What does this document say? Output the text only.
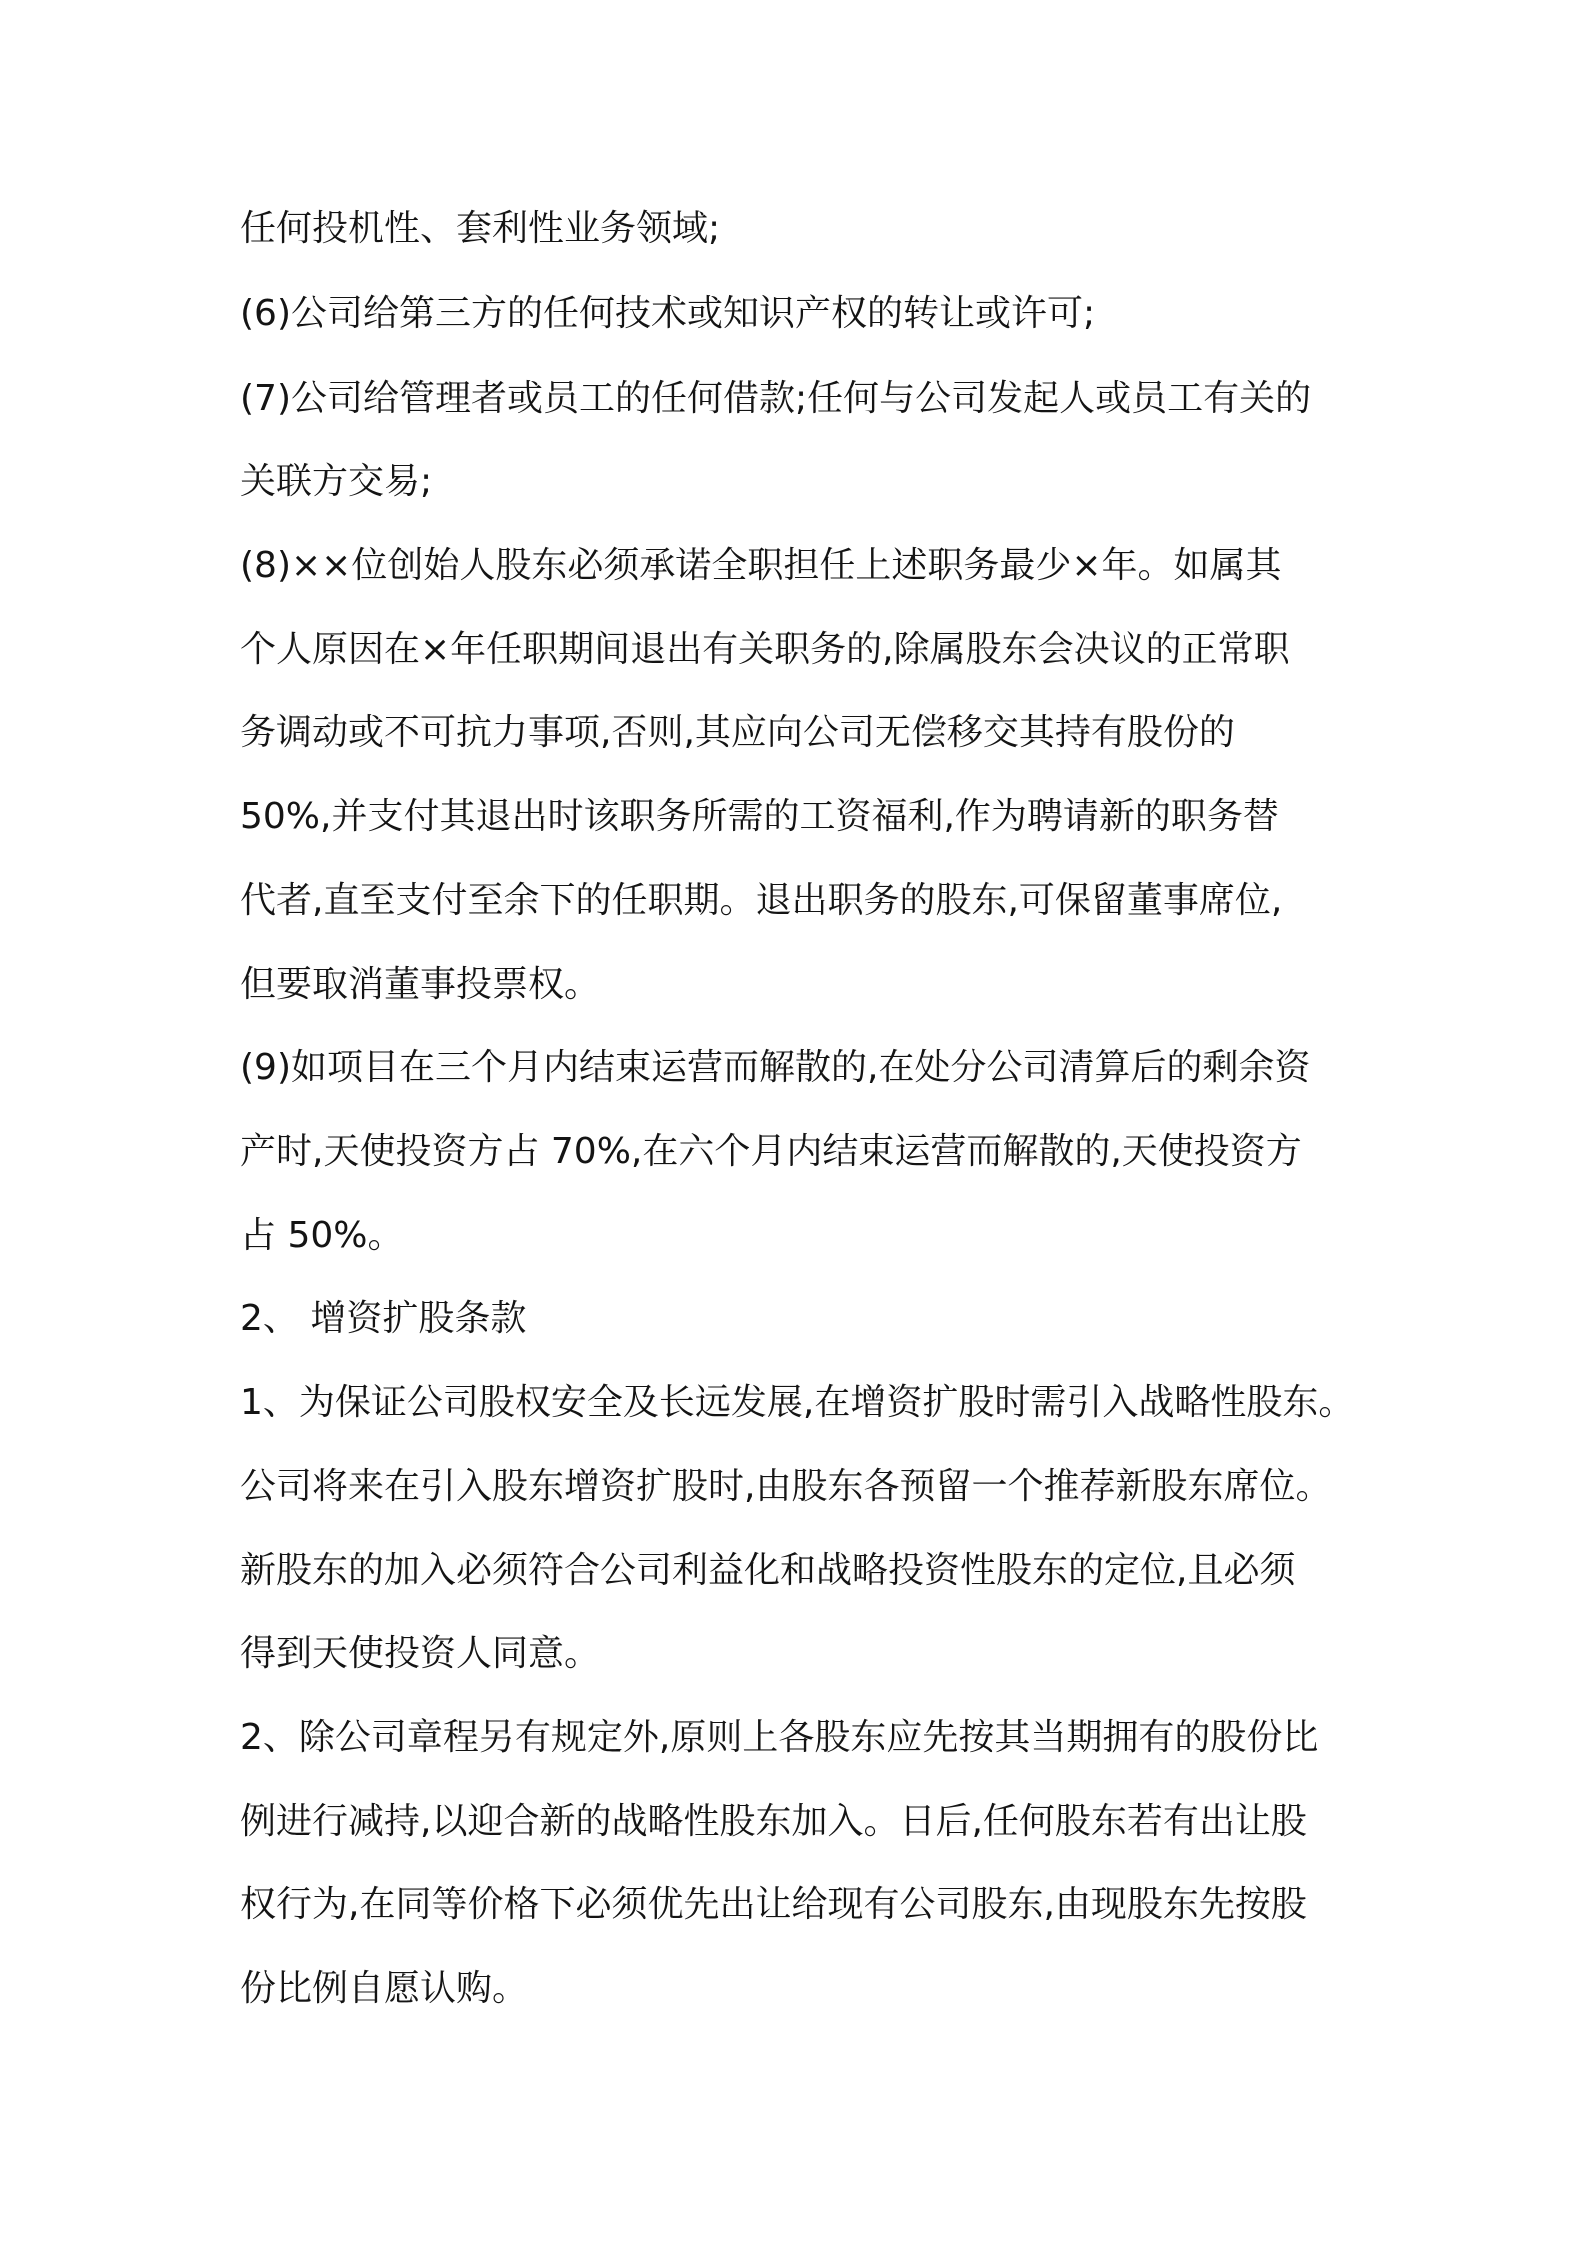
任何投机性、套利性业务领域;

(6)公司给第三方的任何技术或知识产权的转让或许可;

(7)公司给管理者或员工的任何借款;任何与公司发起人或员工有关的

关联方交易;

(8)××位创始人股东必须承诺全职担任上述职务最少×年。如属其

个人原因在×年任职期间退出有关职务的,除属股东会决议的正常职

务调动或不可抗力事项,否则,其应向公司无偿移交其持有股份的

50%,并支付其退出时该职务所需的工资福利,作为聘请新的职务替

代者,直至支付至余下的任职期。退出职务的股东,可保留董事席位,

但要取消董事投票权。

(9)如项目在三个月内结束运营而解散的,在处分公司清算后的剩余资

产时,天使投资方占 70%,在六个月内结束运营而解散的,天使投资方

占 50%。

2、 增资扩股条款

1、为保证公司股权安全及长远发展,在增资扩股时需引入战略性股东。

公司将来在引入股东增资扩股时,由股东各预留一个推荐新股东席位。

新股东的加入必须符合公司利益化和战略投资性股东的定位,且必须

得到天使投资人同意。

2、除公司章程另有规定外,原则上各股东应先按其当期拥有的股份比

例进行减持,以迎合新的战略性股东加入。日后,任何股东若有出让股

权行为,在同等价格下必须优先出让给现有公司股东,由现股东先按股

份比例自愿认购。
